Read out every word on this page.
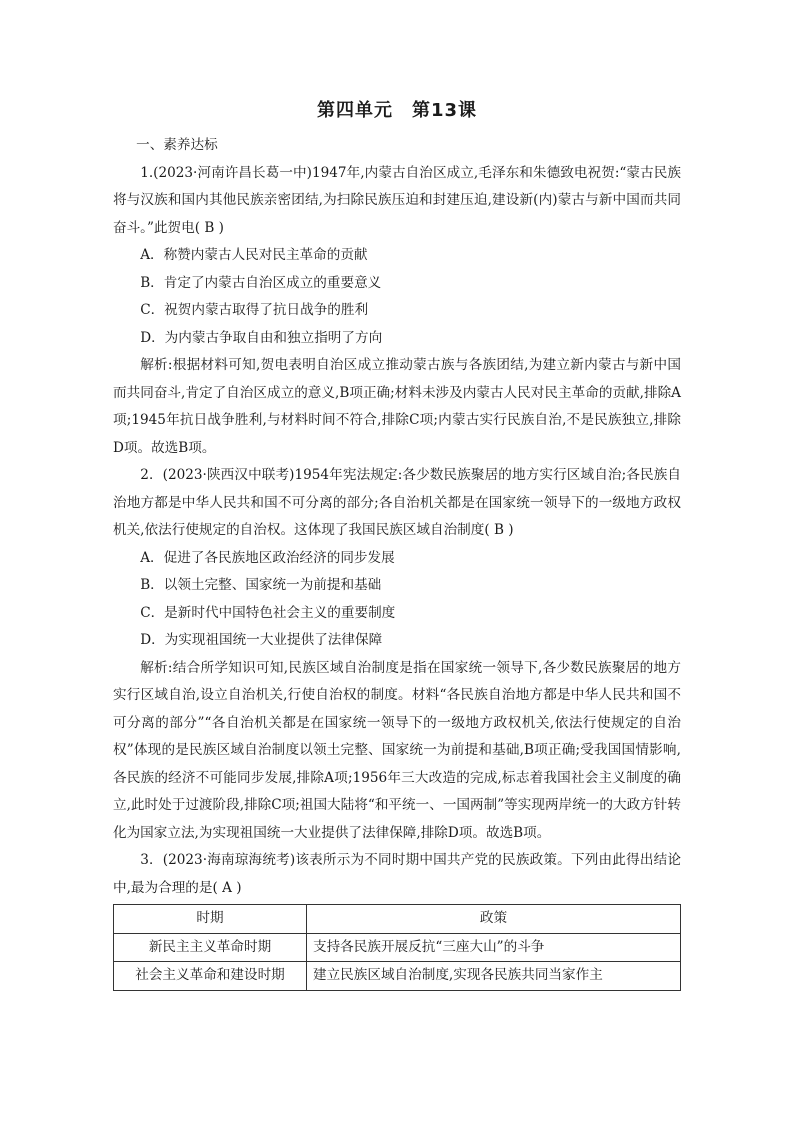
第四单元　 第13课

一、素养达标

1.(2023·河南许昌长葛一中)1947年,内蒙古自治区成立,毛泽东和朱德致电祝贺:“蒙古民族将与汉族和国内其他民族亲密团结,为扫除民族压迫和封建压迫,建设新(内)蒙古与新中国而共同奋斗。”此贺电( B )

A．称赞内蒙古人民对民主革命的贡献

B．肯定了内蒙古自治区成立的重要意义

C．祝贺内蒙古取得了抗日战争的胜利

D．为内蒙古争取自由和独立指明了方向

解析:根据材料可知,贺电表明自治区成立推动蒙古族与各族团结,为建立新内蒙古与新中国而共同奋斗,肯定了自治区成立的意义,B项正确;材料未涉及内蒙古人民对民主革命的贡献,排除A项;1945年抗日战争胜利,与材料时间不符合,排除C项;内蒙古实行民族自治,不是民族独立,排除D项。故选B项。

2．(2023·陕西汉中联考)1954年宪法规定:各少数民族聚居的地方实行区域自治;各民族自治地方都是中华人民共和国不可分离的部分;各自治机关都是在国家统一领导下的一级地方政权机关,依法行使规定的自治权。这体现了我国民族区域自治制度( B )

A．促进了各民族地区政治经济的同步发展

B．以领土完整、国家统一为前提和基础

C．是新时代中国特色社会主义的重要制度

D．为实现祖国统一大业提供了法律保障

解析:结合所学知识可知,民族区域自治制度是指在国家统一领导下,各少数民族聚居的地方实行区域自治,设立自治机关,行使自治权的制度。材料“各民族自治地方都是中华人民共和国不可分离的部分”“各自治机关都是在国家统一领导下的一级地方政权机关,依法行使规定的自治权”体现的是民族区域自治制度以领土完整、国家统一为前提和基础,B项正确;受我国国情影响,各民族的经济不可能同步发展,排除A项;1956年三大改造的完成,标志着我国社会主义制度的确立,此时处于过渡阶段,排除C项;祖国大陆将“和平统一、一国两制”等实现两岸统一的大政方针转化为国家立法,为实现祖国统一大业提供了法律保障,排除D项。故选B项。

3．(2023·海南琼海统考)该表所示为不同时期中国共产党的民族政策。下列由此得出结论中,最为合理的是( A )

时期	政策
新民主主义革命时期	支持各民族开展反抗“三座大山”的斗争
社会主义革命和建设时期	建立民族区域自治制度,实现各民族共同当家作主
